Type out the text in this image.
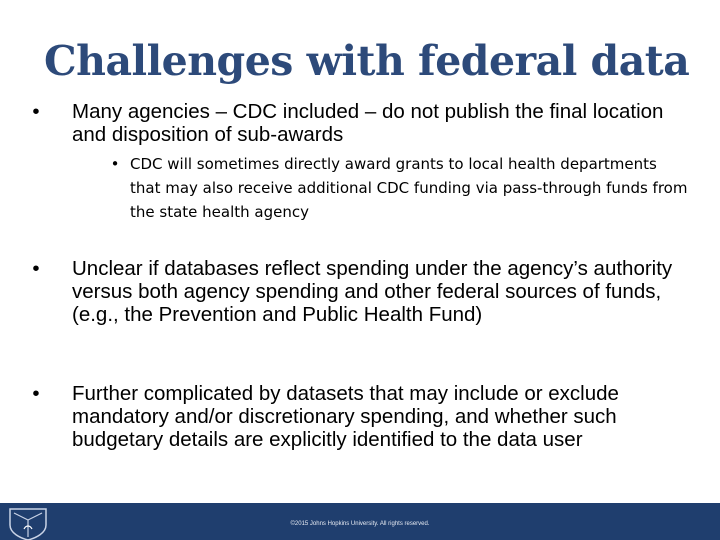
Challenges with federal data
•	Many agencies – CDC included – do not publish the final location and disposition of sub-awards
• CDC will sometimes directly award grants to local health departments that may also receive additional CDC funding via pass-through funds from the state health agency
•	Unclear if databases reflect spending under the agency’s authority versus both agency spending and other federal sources of funds, (e.g., the Prevention and Public Health Fund)
•	Further complicated by datasets that may include or exclude mandatory and/or discretionary spending, and whether such budgetary details are explicitly identified to the data user
©2015 Johns Hopkins University. All rights reserved.
